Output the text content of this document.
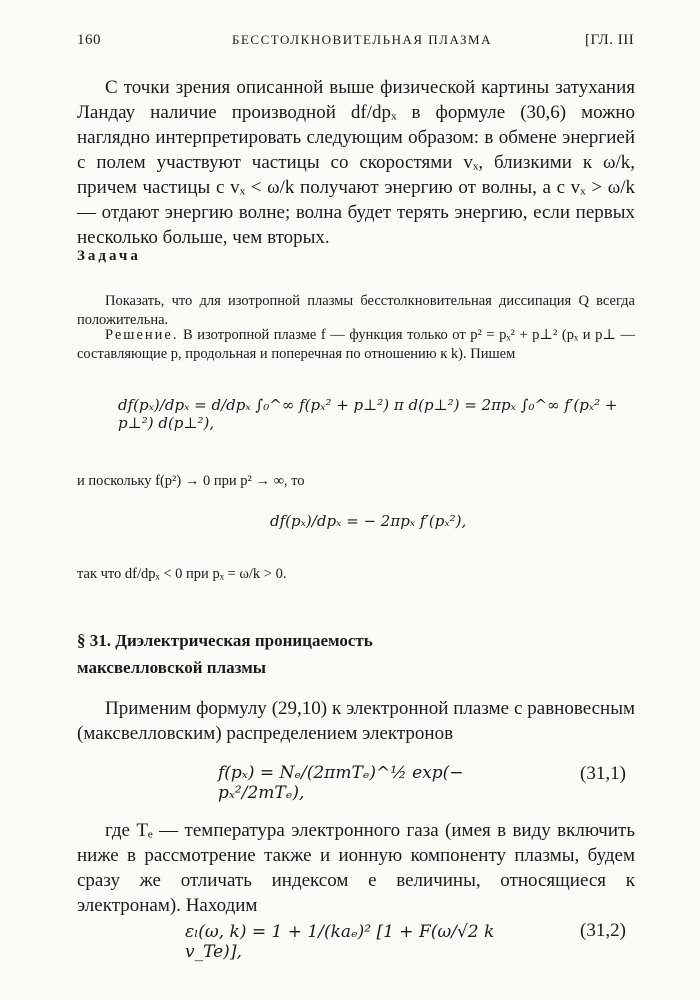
160	БЕССТОЛКНОВИТЕЛЬНАЯ ПЛАЗМА	[ГЛ. III
С точки зрения описанной выше физической картины затухания Ландау наличие производной df/dpₓ в формуле (30,6) можно наглядно интерпретировать следующим образом: в обмене энергией с полем участвуют частицы со скоростями vₓ, близкими к ω/k, причем частицы с vₓ < ω/k получают энергию от волны, а с vₓ > ω/k — отдают энергию волне; волна будет терять энергию, если первых несколько больше, чем вторых.
Задача
Показать, что для изотропной плазмы бесстолкновительная диссипация Q всегда положительна.
Решение. В изотропной плазме f — функция только от p² = pₓ² + p⊥² (pₓ и p⊥ — составляющие p, продольная и поперечная по отношению к k). Пишем
df(pₓ)/dpₓ = d/dpₓ ∫₀^∞ f(pₓ² + p⊥²) π d(p⊥²) = 2πpₓ ∫₀^∞ f′(pₓ² + p⊥²) d(p⊥²),
и поскольку f(p²) → 0 при p² → ∞, то
df(pₓ)/dpₓ = − 2πpₓ f′(pₓ²),
так что df/dpₓ < 0 при pₓ = ω/k > 0.
§ 31. Диэлектрическая проницаемость
максвелловской плазмы
Применим формулу (29,10) к электронной плазме с равновесным (максвелловским) распределением электронов
f(pₓ) = Nₑ/(2πmTₑ)^½ exp(− pₓ²/2mTₑ),
(31,1)
где Tₑ — температура электронного газа (имея в виду включить ниже в рассмотрение также и ионную компоненту плазмы, будем сразу же отличать индексом e величины, относящиеся к электронам). Находим
εₗ(ω, k) = 1 + 1/(kaₑ)² [1 + F(ω/√2 k v_Te)],
(31,2)
